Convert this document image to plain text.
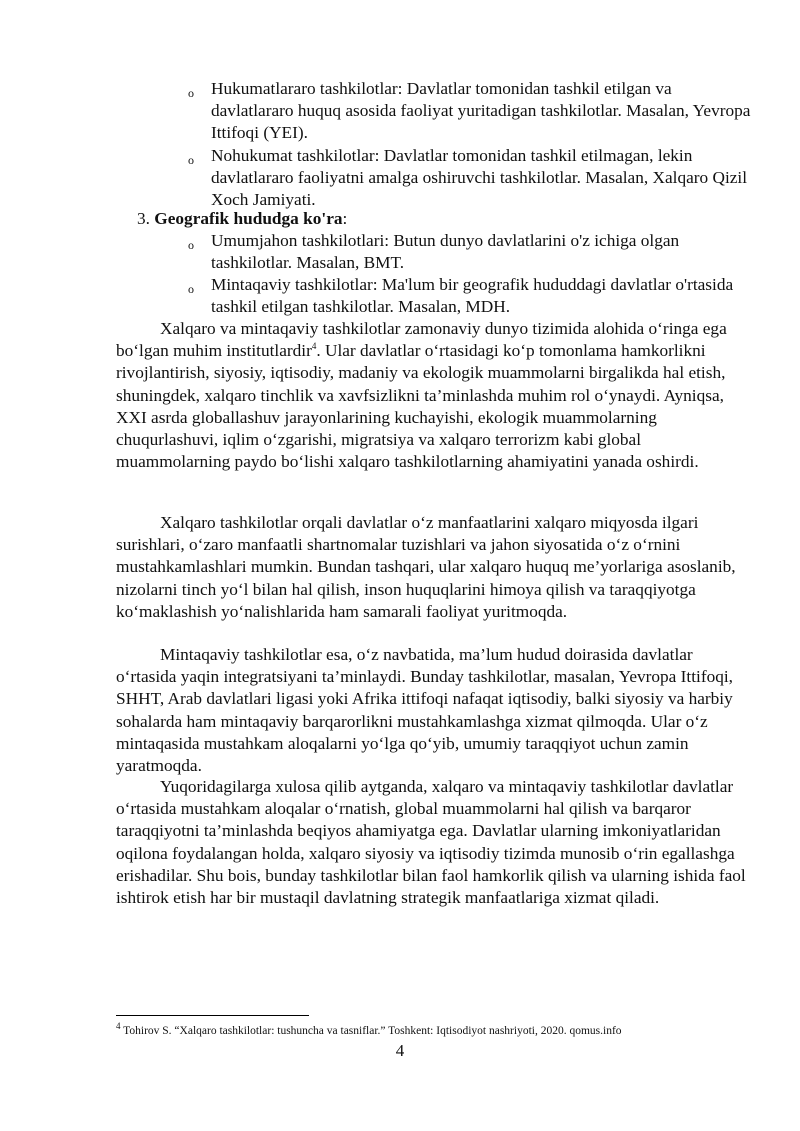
o Hukumatlararo tashkilotlar: Davlatlar tomonidan tashkil etilgan va davlatlararo huquq asosida faoliyat yuritadigan tashkilotlar. Masalan, Yevropa Ittifoqi (YEI).
o Nohukumat tashkilotlar: Davlatlar tomonidan tashkil etilmagan, lekin davlatlararo faoliyatni amalga oshiruvchi tashkilotlar. Masalan, Xalqaro Qizil Xoch Jamiyati.
3. Geografik hududga ko'ra:
o Umumjahon tashkilotlari: Butun dunyo davlatlarini o'z ichiga olgan tashkilotlar. Masalan, BMT.
o Mintaqaviy tashkilotlar: Ma'lum bir geografik hududdagi davlatlar o'rtasida tashkil etilgan tashkilotlar. Masalan, MDH.

Xalqaro va mintaqaviy tashkilotlar zamonaviy dunyo tizimida alohida o‘ringa ega bo‘lgan muhim institutlardir$^4$. Ular davlatlar o‘rtasidagi ko‘p tomonlama hamkorlikni rivojlantirish, siyosiy, iqtisodiy, madaniy va ekologik muammolarni birgalikda hal etish, shuningdek, xalqaro tinchlik va xavfsizlikni ta’minlashda muhim rol o‘ynaydi. Ayniqsa, XXI asrda globallashuv jarayonlarining kuchayishi, ekologik muammolarning chuqurlashuvi, iqlim o‘zgarishi, migratsiya va xalqaro terrorizm kabi global muammolarning paydo bo‘lishi xalqaro tashkilotlarning ahamiyatini yanada oshirdi.

Xalqaro tashkilotlar orqali davlatlar o‘z manfaatlarini xalqaro miqyosda ilgari surishlari, o‘zaro manfaatli shartnomalar tuzishlari va jahon siyosatida o‘z o‘rnini mustahkamlashlari mumkin. Bundan tashqari, ular xalqaro huquq me’yorlariga asoslanib, nizolarni tinch yo‘l bilan hal qilish, inson huquqlarini himoya qilish va taraqqiyotga ko‘maklashish yo‘nalishlarida ham samarali faoliyat yuritmoqda.

Mintaqaviy tashkilotlar esa, o‘z navbatida, ma’lum hudud doirasida davlatlar o‘rtasida yaqin integratsiyani ta’minlaydi. Bunday tashkilotlar, masalan, Yevropa Ittifoqi, SHHT, Arab davlatlari ligasi yoki Afrika ittifoqi nafaqat iqtisodiy, balki siyosiy va harbiy sohalarda ham mintaqaviy barqarorlikni mustahkamlashga xizmat qilmoqda. Ular o‘z mintaqasida mustahkam aloqalarni yo‘lga qo‘yib, umumiy taraqqiyot uchun zamin yaratmoqda.

Yuqoridagilarga xulosa qilib aytganda, xalqaro va mintaqaviy tashkilotlar davlatlar o‘rtasida mustahkam aloqalar o‘rnatish, global muammolarni hal qilish va barqaror taraqqiyotni ta’minlashda beqiyos ahamiyatga ega. Davlatlar ularning imkoniyatlaridan oqilona foydalangan holda, xalqaro siyosiy va iqtisodiy tizimda munosib o‘rin egallashga erishadilar. Shu bois, bunday tashkilotlar bilan faol hamkorlik qilish va ularning ishida faol ishtirok etish har bir mustaqil davlatning strategik manfaatlariga xizmat qiladi.

$^4$ Tohirov S. “Xalqaro tashkilotlar: tushuncha va tasniflar.” Toshkent: Iqtisodiyot nashriyoti, 2020. qomus.info
4
